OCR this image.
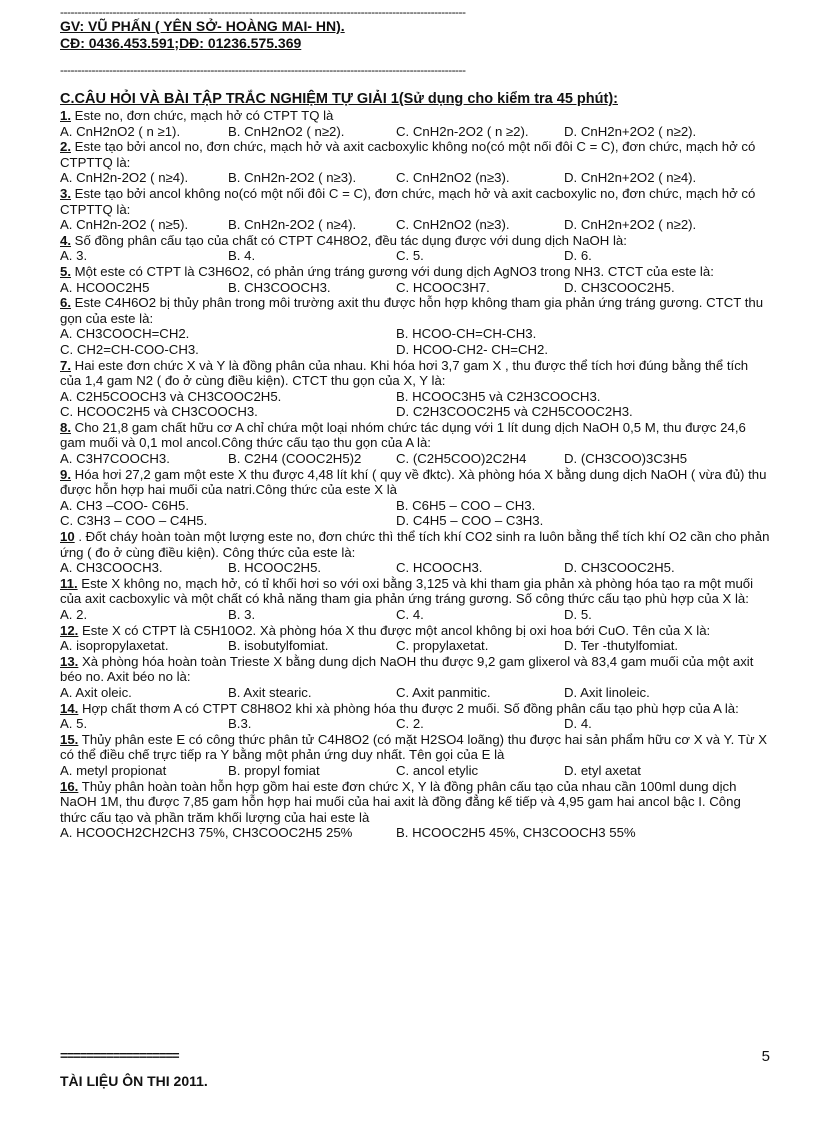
--------------------------------------------------------------------------------------------------------------------
GV: VŨ PHẤN ( YÊN SỞ- HOÀNG MAI- HN).
CĐ: 0436.453.591;DĐ: 01236.575.369
--------------------------------------------------------------------------------------------------------------------
C.CÂU HỎI VÀ BÀI TẬP TRẮC NGHIỆM TỰ GIẢI 1(Sử dụng cho kiểm tra 45 phút):
1. Este no, đơn chức, mạch hở có CTPT TQ là
A. CnH2nO2 ( n ≥1).	B. CnH2nO2 ( n≥2).	C. CnH2n-2O2 ( n ≥2).	D. CnH2n+2O2 ( n≥2).
2. Este tạo bởi ancol no, đơn chức, mạch hở và axit cacboxylic không no(có một nối đôi C = C), đơn chức, mạch hở có CTPTTQ là:
A. CnH2n-2O2 ( n≥4).	B. CnH2n-2O2 ( n≥3).	C. CnH2nO2 (n≥3).	D. CnH2n+2O2 ( n≥4).
3. Este tạo bởi ancol không no(có một nối đôi C = C), đơn chức, mạch hở và axit cacboxylic no, đơn chức, mạch hở có CTPTTQ là:
A. CnH2n-2O2 ( n≥5).	B. CnH2n-2O2 ( n≥4).	C. CnH2nO2 (n≥3).	D. CnH2n+2O2 ( n≥2).
4. Số đồng phân cấu tạo của chất có CTPT C4H8O2, đều tác dụng được với dung dịch NaOH là:
A. 3.	B. 4.	C. 5.	D. 6.
5. Một este có CTPT là C3H6O2, có phản ứng tráng gương với dung dịch AgNO3 trong NH3. CTCT của este là:
A. HCOOC2H5	B. CH3COOCH3.	C. HCOOC3H7.	D. CH3COOC2H5.
6. Este C4H6O2 bị thủy phân trong môi trường axit thu được hỗn hợp không tham gia phản ứng tráng gương. CTCT thu gọn của este là:
A. CH3COOCH=CH2.	B. HCOO-CH=CH-CH3.
C. CH2=CH-COO-CH3.	D. HCOO-CH2- CH=CH2.
7. Hai este đơn chức X và Y là đồng phân của nhau. Khi hóa hơi 3,7 gam X , thu được thể tích hơi đúng bằng thể tích của 1,4 gam N2 ( đo ở cùng điều kiện). CTCT thu gọn của X, Y là:
A. C2H5COOCH3 và CH3COOC2H5.	B. HCOOC3H5 và C2H3COOCH3.
C. HCOOC2H5 và CH3COOCH3.	D. C2H3COOC2H5 và C2H5COOC2H3.
8. Cho 21,8 gam chất hữu cơ A chỉ chứa một loại nhóm chức tác dụng với 1 lít dung dịch NaOH 0,5 M, thu được 24,6 gam muối và 0,1 mol ancol.Công thức cấu tạo thu gọn của A là:
A. C3H7COOCH3.	B. C2H4 (COOC2H5)2	C. (C2H5COO)2C2H4	D. (CH3COO)3C3H5
9. Hóa hơi 27,2 gam một este X thu được 4,48 lít khí ( quy về đktc). Xà phòng hóa X bằng dung dịch NaOH ( vừa đủ) thu được hỗn hợp hai muối của natri.Công thức của este X là
A. CH3 –COO- C6H5.	B. C6H5 – COO – CH3.
C. C3H3 – COO – C4H5.	D. C4H5 – COO – C3H3.
10 . Đốt cháy hoàn toàn một lượng este no, đơn chức thì thể tích khí CO2 sinh ra luôn bằng thể tích khí O2 cần cho phản ứng ( đo ở cùng điều kiện). Công thức của este là:
A. CH3COOCH3.	B. HCOOC2H5.	C. HCOOCH3.	D. CH3COOC2H5.
11. Este X không no, mạch hở, có tỉ khối hơi so với oxi bằng 3,125 và khi tham gia phản xà phòng hóa tạo ra một muối của axit cacboxylic và một chất có khả năng tham gia phản ứng tráng gương. Số công thức cấu tạo phù hợp của X là:
A. 2.	B. 3.	C. 4.	D. 5.
12. Este X có CTPT là C5H10O2. Xà phòng hóa X thu được một ancol không bị oxi hoa bới CuO. Tên của X là:
A. isopropylaxetat.	B. isobutylfomiat.	C. propylaxetat.	D. Ter -thutylfomiat.
13. Xà phòng hóa hoàn toàn Trieste X bằng dung dịch NaOH thu được 9,2 gam glixerol và 83,4 gam muối của một axit béo no. Axit béo no là:
A. Axit oleic.	B. Axit stearic.	C. Axit panmitic.	D. Axit linoleic.
14. Hợp chất thơm A có CTPT C8H8O2 khi xà phòng hóa thu được 2 muối. Số đồng phân cấu tạo phù hợp của A là:
A. 5.	B.3.	C. 2.	D. 4.
15. Thủy phân este E có công thức phân tử C4H8O2 (có mặt H2SO4 loãng) thu được hai sản phẩm hữu cơ X và Y. Từ X có thể điều chế trực tiếp ra Y bằng một phản ứng duy nhất. Tên gọi của E là
A. metyl propionat	B. propyl fomiat	C. ancol etylic	D. etyl axetat
16. Thủy phân hoàn toàn hỗn hợp gồm hai este đơn chức X, Y là đồng phân cấu tạo của nhau cần 100ml dung dịch NaOH 1M, thu được 7,85 gam hỗn hợp hai muối của hai axit là đồng đẳng kế tiếp và 4,95 gam hai ancol bậc I. Công thức cấu tạo và phần trăm khối lượng của hai este là
A. HCOOCH2CH2CH3 75%, CH3COOC2H5 25%	B. HCOOC2H5 45%, CH3COOCH3 55%
==================	5
TÀI LIỆU ÔN THI 2011.
